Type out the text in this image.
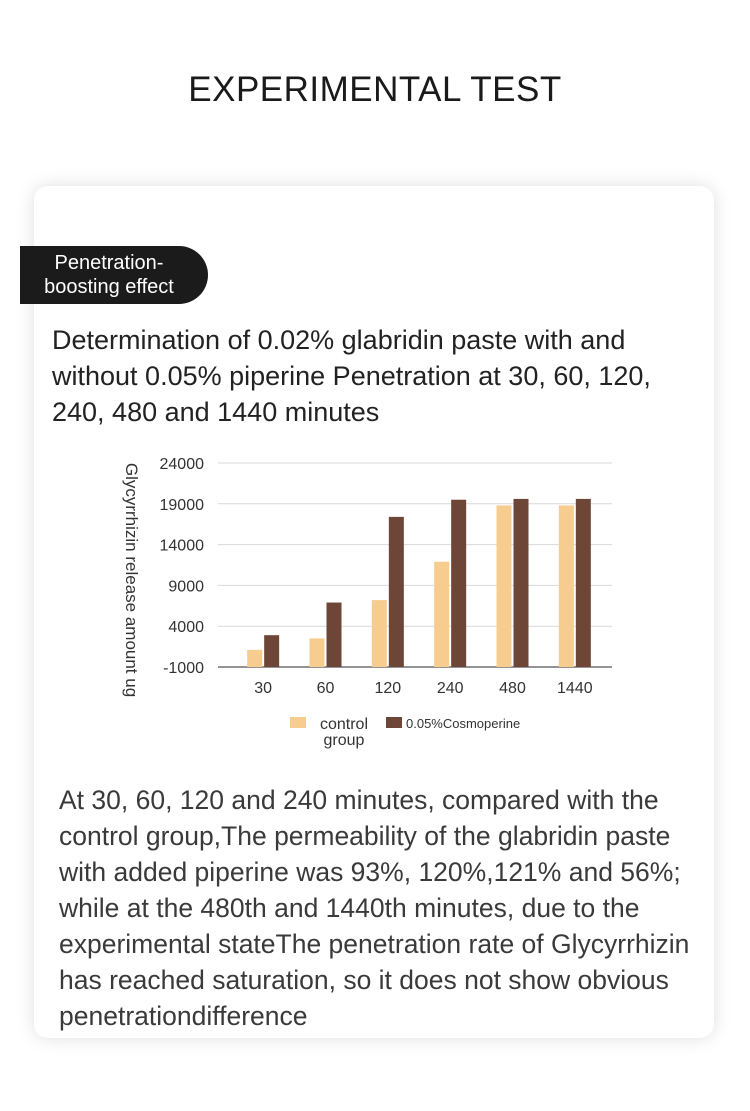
EXPERIMENTAL TEST
Penetration-
boosting effect
Determination of 0.02% glabridin paste with and without 0.05% piperine Penetration at 30, 60, 120, 240, 480 and 1440 minutes
-1000
4000
9000
14000
19000
24000
Glycyrrhizin release amount ug	30	60	120 240 480 1440
control
group
0.05%Cosmoperine
At 30, 60, 120 and 240 minutes, compared with the control group,The permeability of the glabridin paste with added piperine was 93%, 120%,121% and 56%; while at the 480th and 1440th minutes, due to the experimental stateThe penetration rate of Glycyrrhizin has reached saturation, so it does not show obvious penetrationdifference
